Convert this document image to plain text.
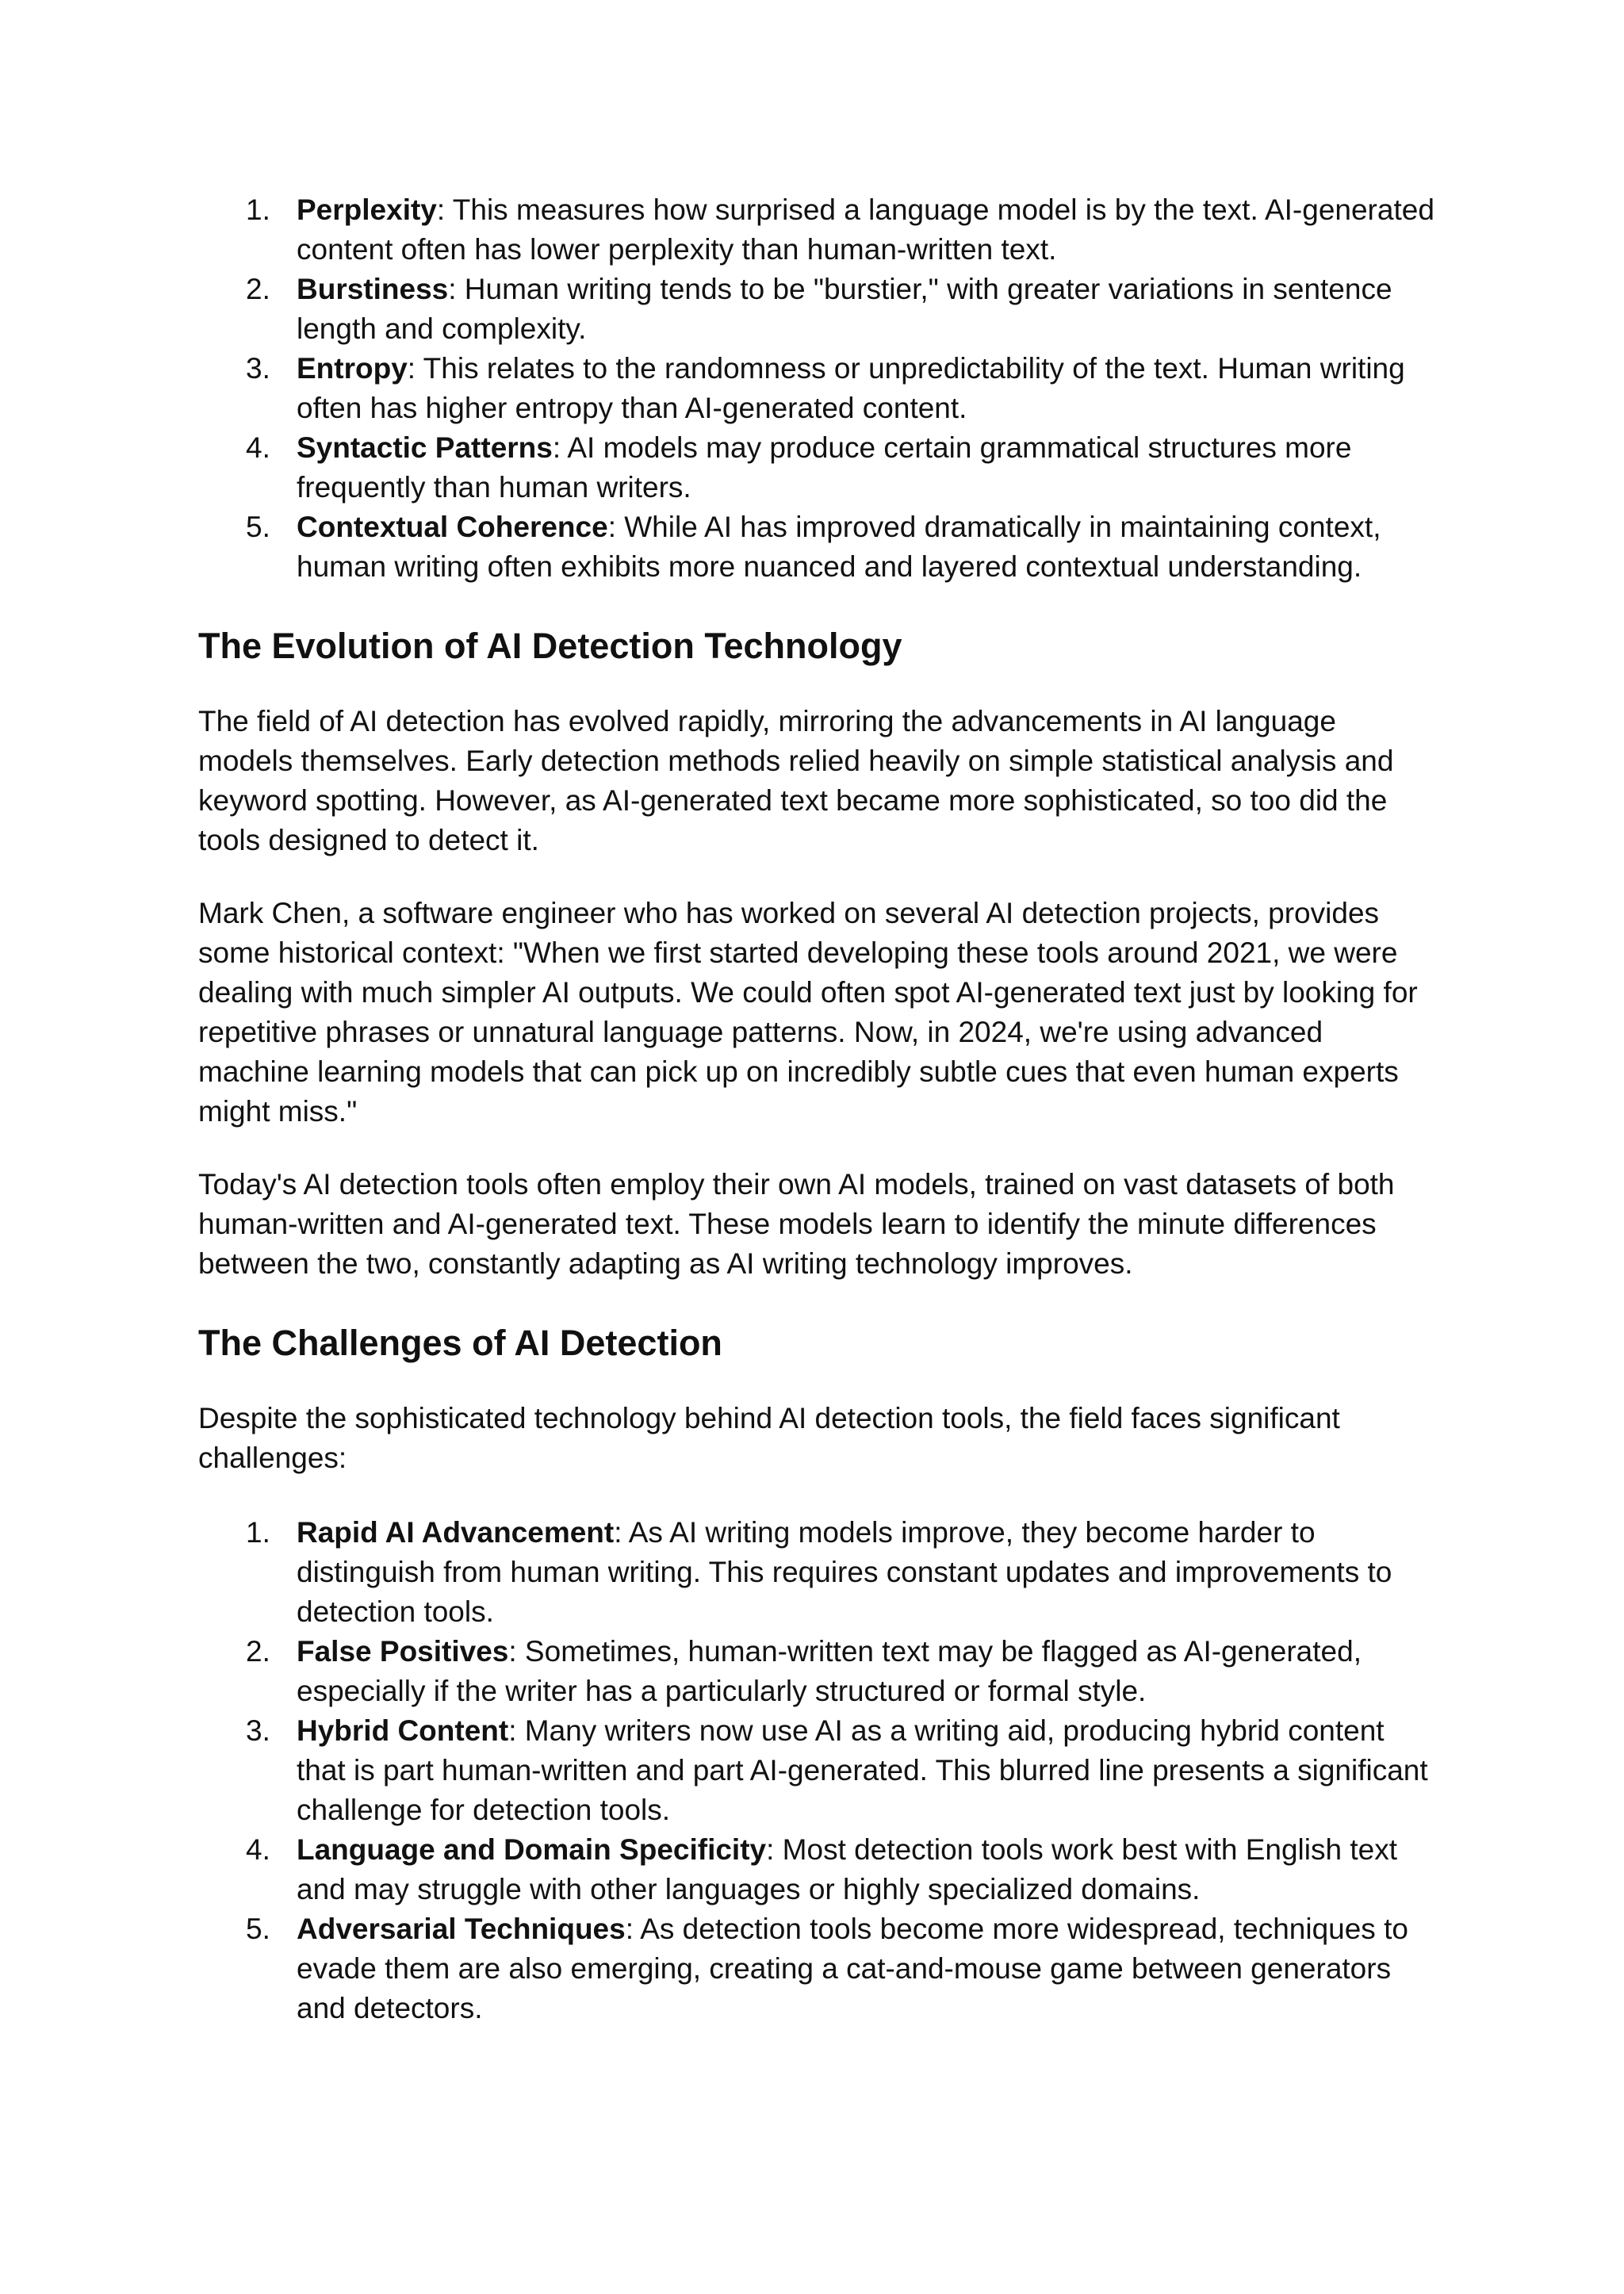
1. Perplexity: This measures how surprised a language model is by the text. AI-generated content often has lower perplexity than human-written text.
2. Burstiness: Human writing tends to be "burstier," with greater variations in sentence length and complexity.
3. Entropy: This relates to the randomness or unpredictability of the text. Human writing often has higher entropy than AI-generated content.
4. Syntactic Patterns: AI models may produce certain grammatical structures more frequently than human writers.
5. Contextual Coherence: While AI has improved dramatically in maintaining context, human writing often exhibits more nuanced and layered contextual understanding.
The Evolution of AI Detection Technology

The field of AI detection has evolved rapidly, mirroring the advancements in AI language models themselves. Early detection methods relied heavily on simple statistical analysis and keyword spotting. However, as AI-generated text became more sophisticated, so too did the tools designed to detect it.

Mark Chen, a software engineer who has worked on several AI detection projects, provides some historical context: "When we first started developing these tools around 2021, we were dealing with much simpler AI outputs. We could often spot AI-generated text just by looking for repetitive phrases or unnatural language patterns. Now, in 2024, we're using advanced machine learning models that can pick up on incredibly subtle cues that even human experts might miss."

Today's AI detection tools often employ their own AI models, trained on vast datasets of both human-written and AI-generated text. These models learn to identify the minute differences between the two, constantly adapting as AI writing technology improves.

The Challenges of AI Detection

Despite the sophisticated technology behind AI detection tools, the field faces significant challenges:

1. Rapid AI Advancement: As AI writing models improve, they become harder to distinguish from human writing. This requires constant updates and improvements to detection tools.
2. False Positives: Sometimes, human-written text may be flagged as AI-generated, especially if the writer has a particularly structured or formal style.
3. Hybrid Content: Many writers now use AI as a writing aid, producing hybrid content that is part human-written and part AI-generated. This blurred line presents a significant challenge for detection tools.
4. Language and Domain Specificity: Most detection tools work best with English text and may struggle with other languages or highly specialized domains.
5. Adversarial Techniques: As detection tools become more widespread, techniques to evade them are also emerging, creating a cat-and-mouse game between generators and detectors.
